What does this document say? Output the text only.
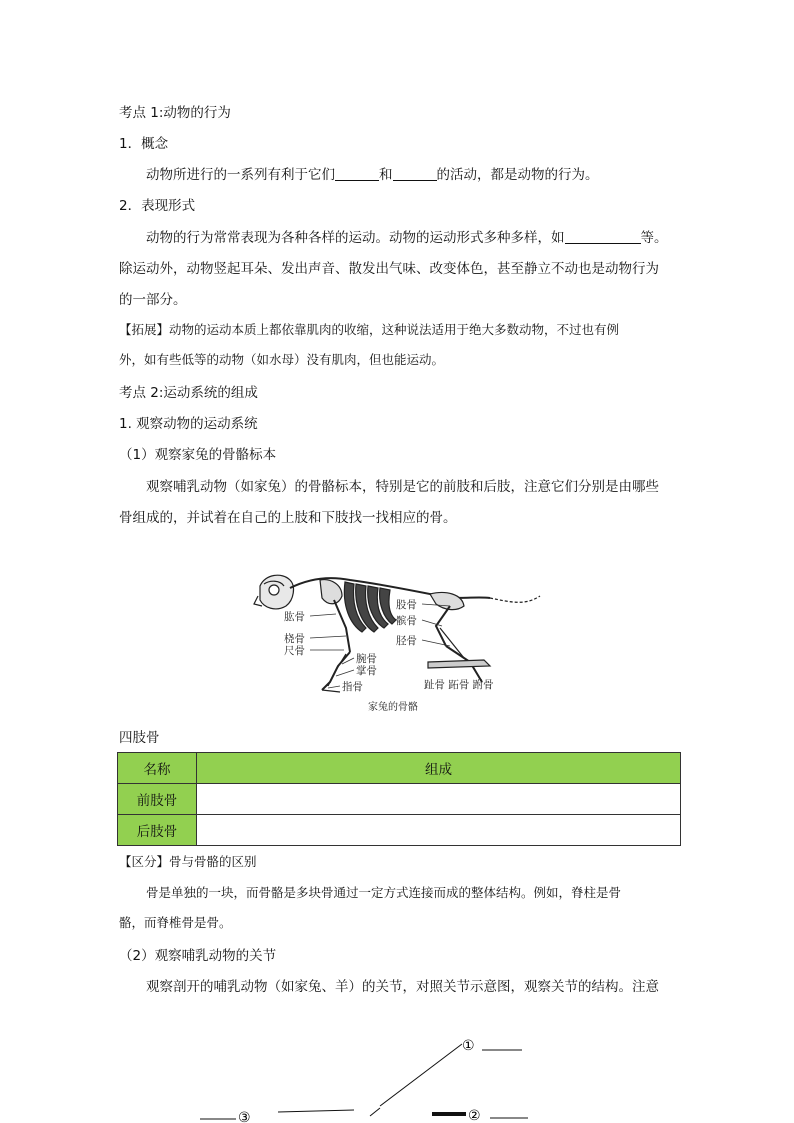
考点 1:动物的行为
1．概念
动物所进行的一系列有利于它们	和	的活动，都是动物的行为。
2．表现形式
动物的行为常常表现为各种各样的运动。动物的运动形式多种多样，如	等。
除运动外，动物竖起耳朵、发出声音、散发出气味、改变体色，甚至静立不动也是动物行为
的一部分。
【拓展】动物的运动本质上都依靠肌肉的收缩，这种说法适用于绝大多数动物，不过也有例
外，如有些低等的动物（如水母）没有肌肉，但也能运动。
考点 2:运动系统的组成
1. 观察动物的运动系统
（1）观察家兔的骨骼标本
观察哺乳动物（如家兔）的骨骼标本，特别是它的前肢和后肢，注意它们分别是由哪些
骨组成的，并试着在自己的上肢和下肢找一找相应的骨。
肱骨
桡骨
尺骨
腕骨
掌骨
指骨
股骨
髌骨
胫骨
趾骨 跖骨 跗骨
家兔的骨骼
四肢骨
名称	组成
前肢骨	
后肢骨	
【区分】骨与骨骼的区别
骨是单独的一块，而骨骼是多块骨通过一定方式连接而成的整体结构。例如，脊柱是骨
骼，而脊椎骨是骨。
（2）观察哺乳动物的关节
观察剖开的哺乳动物（如家兔、羊）的关节，对照关节示意图，观察关节的结构。注意
①
②
③
